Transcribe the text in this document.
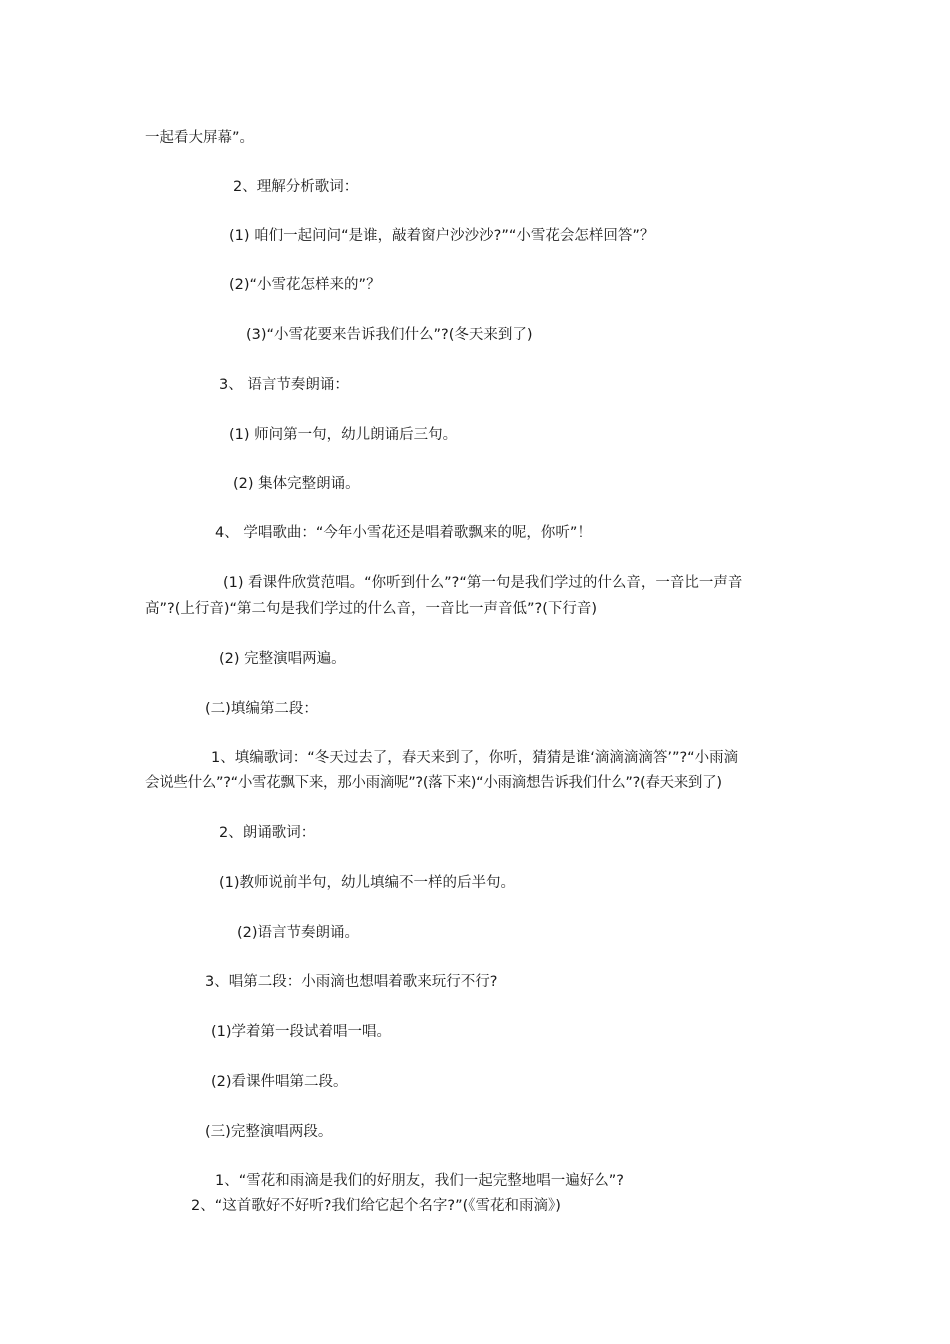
一起看大屏幕”。
2、理解分析歌词：
(1) 咱们一起问问“是谁，敲着窗户沙沙沙?”“小雪花会怎样回答”？
(2)“小雪花怎样来的”？
(3)“小雪花要来告诉我们什么”?(冬天来到了)
3、 语言节奏朗诵：
(1) 师问第一句，幼儿朗诵后三句。
(2) 集体完整朗诵。
4、 学唱歌曲：“今年小雪花还是唱着歌飘来的呢，你听”！
(1) 看课件欣赏范唱。“你听到什么”?“第一句是我们学过的什么音，一音比一声音
高”?(上行音)“第二句是我们学过的什么音，一音比一声音低”?(下行音)
(2) 完整演唱两遍。
(二)填编第二段：
1、填编歌词：“冬天过去了，春天来到了，你听，猜猜是谁‘滴滴滴滴答’”?“小雨滴
会说些什么”?“小雪花飘下来，那小雨滴呢”?(落下来)“小雨滴想告诉我们什么”?(春天来到了)
2、朗诵歌词：
(1)教师说前半句，幼儿填编不一样的后半句。
(2)语言节奏朗诵。
3、唱第二段：小雨滴也想唱着歌来玩行不行?
(1)学着第一段试着唱一唱。
(2)看课件唱第二段。
(三)完整演唱两段。
1、“雪花和雨滴是我们的好朋友，我们一起完整地唱一遍好么”?
2、“这首歌好不好听?我们给它起个名字?”(《雪花和雨滴》)
